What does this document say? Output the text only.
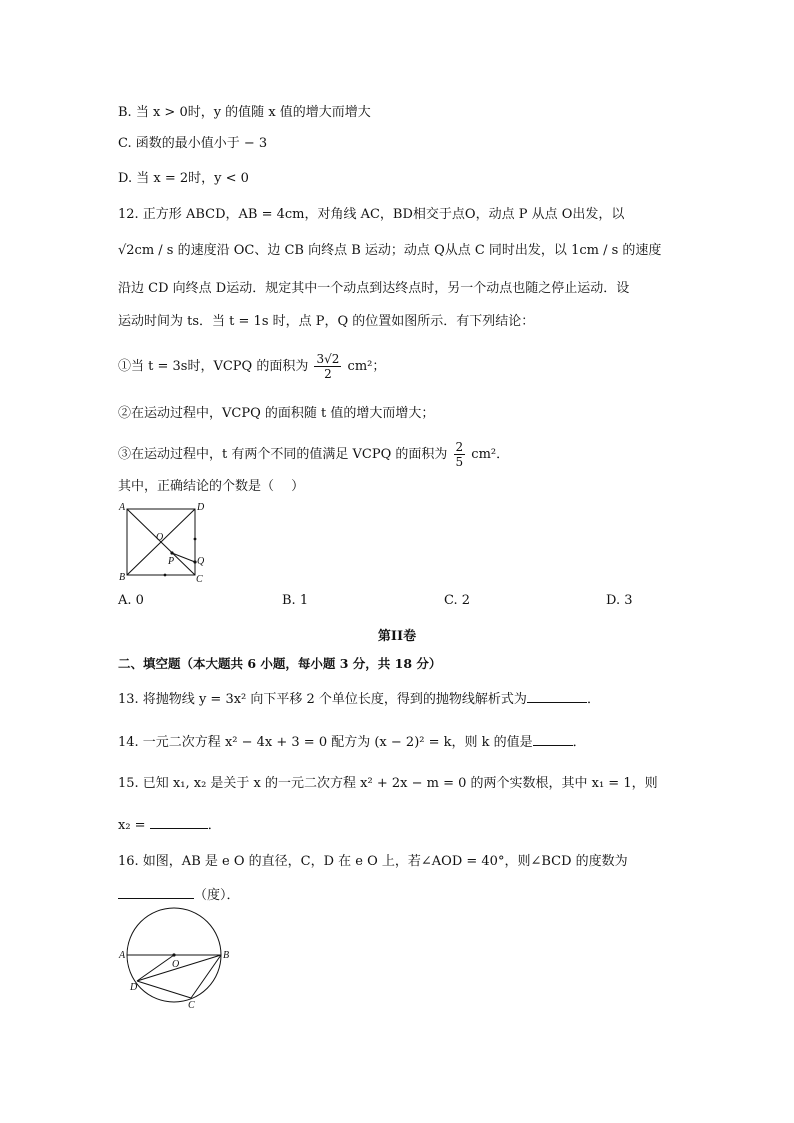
B. 当 x > 0时，y 的值随 x 值的增大而增大
C. 函数的最小值小于 − 3
D. 当 x = 2时，y < 0
12. 正方形 ABCD，AB = 4cm，对角线 AC，BD相交于点O，动点 P 从点 O出发，以
√2cm / s 的速度沿 OC、边 CB 向终点 B 运动；动点 Q从点 C 同时出发，以 1cm / s 的速度
沿边 CD 向终点 D运动．规定其中一个动点到达终点时，另一个动点也随之停止运动．设
运动时间为 ts．当 t = 1s 时，点 P，Q 的位置如图所示．有下列结论：
①当 t = 3s时，VCPQ 的面积为 $\frac{3√2}{2} cm^2$；
②在运动过程中，VCPQ 的面积随 t 值的增大而增大；
③在运动过程中，t 有两个不同的值满足 VCPQ 的面积为 $\frac{2}{5} cm^2$．
其中，正确结论的个数是（　 ）
A	D
O
P Q
B	C
A. 0	B. 1	C. 2	D. 3
第II卷
二、填空题（本大题共 6 小题，每小题 3 分，共 18 分）
13. 将抛物线 y = 3x² 向下平移 2 个单位长度，得到的抛物线解析式为	．
14. 一元二次方程 x² − 4x + 3 = 0 配方为 (x − 2)² = k，则 k 的值是	．
15. 已知 x₁, x₂ 是关于 x 的一元二次方程 x² + 2x − m = 0 的两个实数根，其中 x₁ = 1，则
x₂ =	．
16. 如图，AB 是 e O 的直径，C，D 在 e O 上，若∠AOD = 40°，则∠BCD 的度数为
（度）．
A
O
B
D
C
